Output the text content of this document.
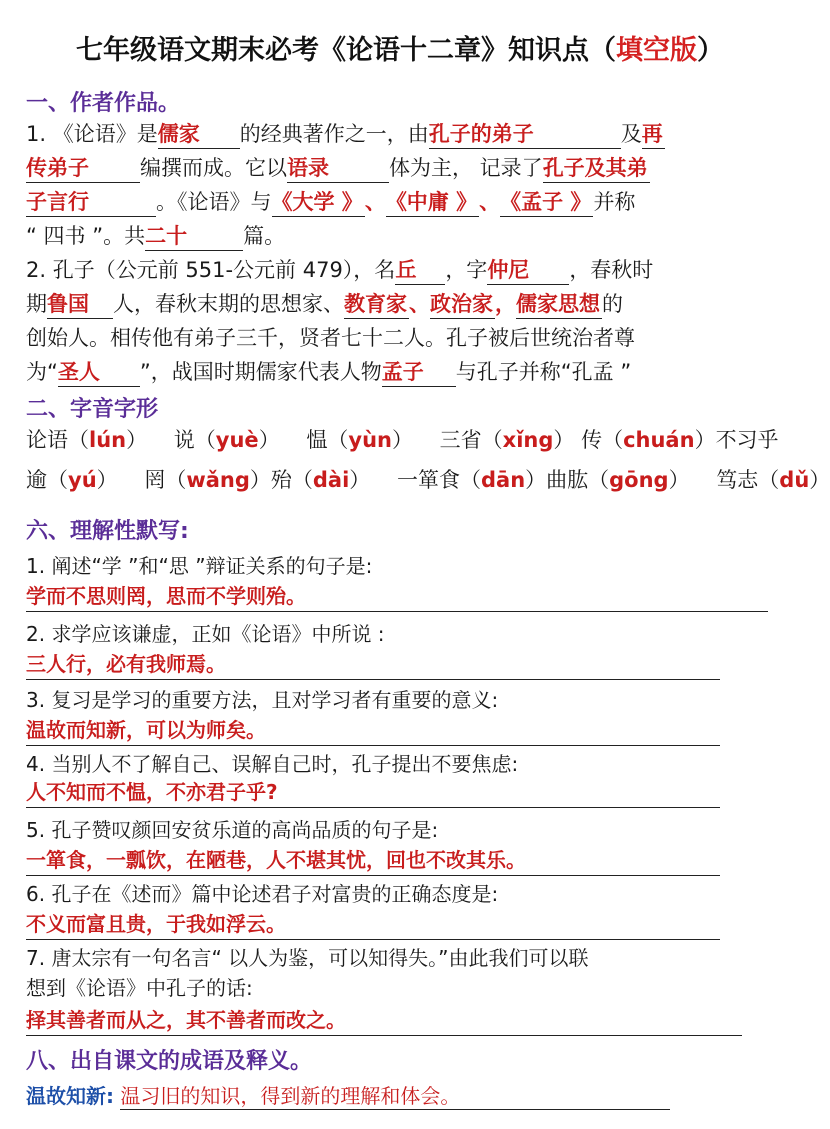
七年级语文期末必考《论语十二章》知识点（填空版）
一、作者作品。
1. 《论语》是儒家 的经典著作之一，由孔子的弟子	及再
传弟子 编撰而成。它以语录	体为主， 记录了孔子及其弟
子言行	。《论语》与《大学 》、《中庸 》、《孟子 》并称
“ 四书 ”。共二十	篇。
2. 孔子（公元前 551-公元前 479），名丘 ，字仲尼 ，春秋时
期鲁国 人，春秋末期的思想家、教育家、政治家，儒家思想的
创始人。相传他有弟子三千，贤者七十二人。孔子被后世统治者尊
为“圣人 ”，战国时期儒家代表人物孟子 与孔子并称“孔孟 ”
二、字音字形
论语（lún） 说（yuè） 愠（yùn） 三省（xǐng） 传（chuán）不习乎
逾（yú） 罔（wǎng）殆（dài） 一箪食（dān）曲肱（gōng） 笃志（dǔ）
六、理解性默写:
1. 阐述“学 ”和“思 ”辩证关系的句子是:
学而不思则罔，思而不学则殆。
2. 求学应该谦虚，正如《论语》中所说 :
三人行，必有我师焉。
3. 复习是学习的重要方法，且对学习者有重要的意义:
温故而知新，可以为师矣。
4. 当别人不了解自己、误解自己时，孔子提出不要焦虑:
人不知而不愠，不亦君子乎?
5. 孔子赞叹颜回安贫乐道的高尚品质的句子是:
一箪食，一瓢饮，在陋巷，人不堪其忧，回也不改其乐。
6. 孔子在《述而》篇中论述君子对富贵的正确态度是:
不义而富且贵，于我如浮云。
7. 唐太宗有一句名言“ 以人为鉴，可以知得失。”由此我们可以联
想到《论语》中孔子的话:
择其善者而从之，其不善者而改之。
八、出自课文的成语及释义。
温故知新: 温习旧的知识，得到新的理解和体会。
